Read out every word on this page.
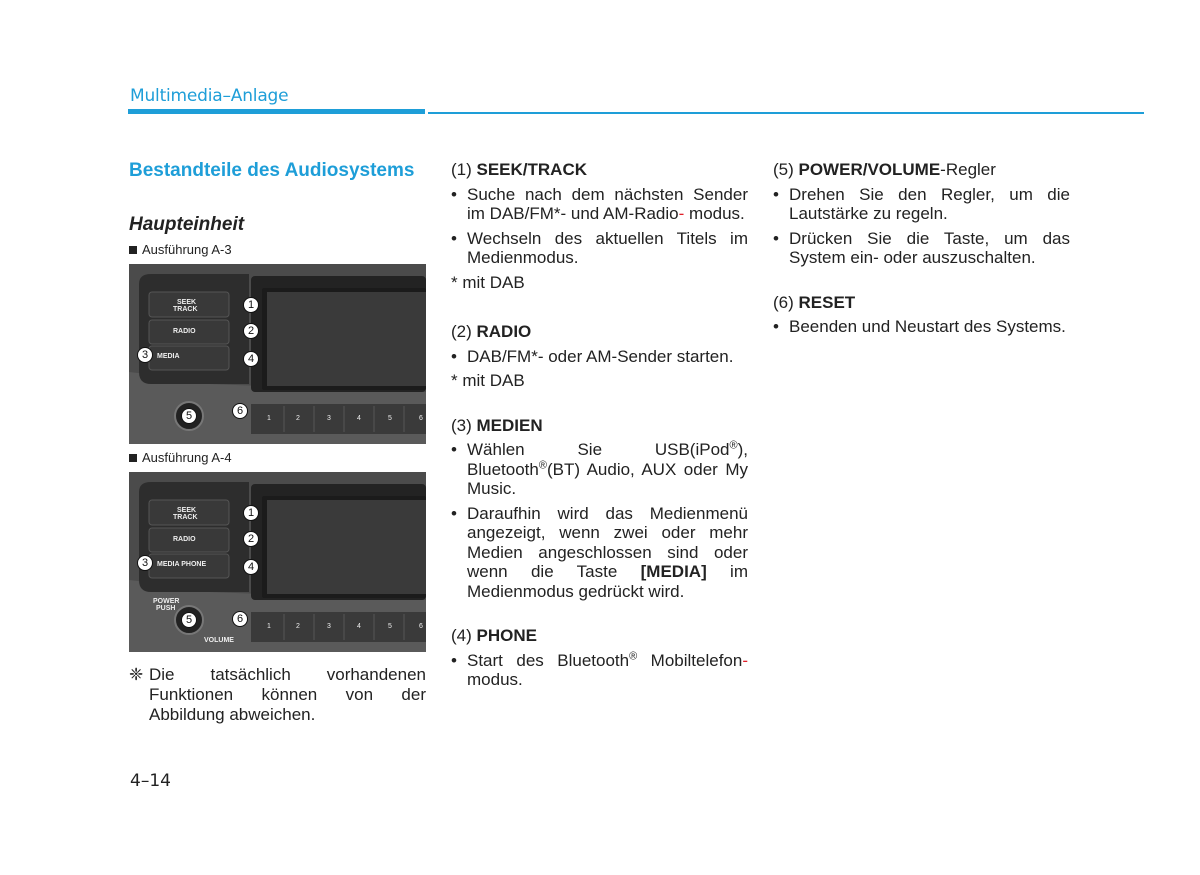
Multimedia–Anlage
Bestandteile des Audiosystems
Haupteinheit
Ausführung A-3
SEEK
TRACK
RADIO
MEDIA
1	2	3	4	5	6
1
2
3	4
5	6
Ausführung A-4
SEEK
TRACK
RADIO
MEDIA PHONE
POWER
PUSH
VOLUME
1	2	3	4	5	6
1
2
3	4
5	6
❈ Die tatsächlich vorhandenen Funktionen können von der Abbildung abweichen.

(1) SEEK/TRACK

• Suche nach dem nächsten Sender im DAB/FM*- und AM-Radio- modus.
• Wechseln des aktuellen Titels im Medienmodus.
* mit DAB

(2) RADIO

• DAB/FM*- oder AM-Sender starten.
* mit DAB

(3) MEDIEN

• Wählen Sie USB(iPod®), Bluetooth®(BT) Audio, AUX oder My Music.
• Daraufhin wird das Medienmenü angezeigt, wenn zwei oder mehr Medien angeschlossen sind oder wenn die Taste [MEDIA] im Medienmodus gedrückt wird.

(4) PHONE

• Start des Bluetooth® Mobiltelefon- modus.

(5) POWER/VOLUME-Regler

• Drehen Sie den Regler, um die Lautstärke zu regeln.
• Drücken Sie die Taste, um das System ein- oder auszuschalten.

(6) RESET

• Beenden und Neustart des Systems.
4–14
